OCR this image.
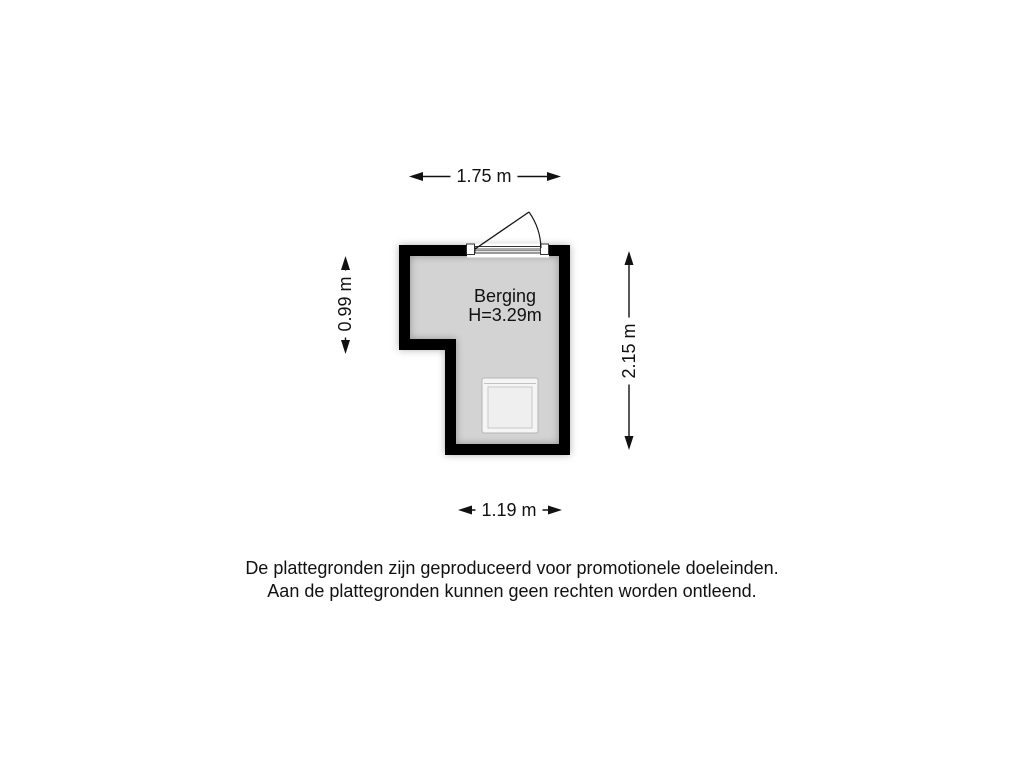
1.75 m
1.19 m
0.99 m
2.15 m
Berging
H=3.29m
De plattegronden zijn geproduceerd voor promotionele doeleinden.
Aan de plattegronden kunnen geen rechten worden ontleend.
